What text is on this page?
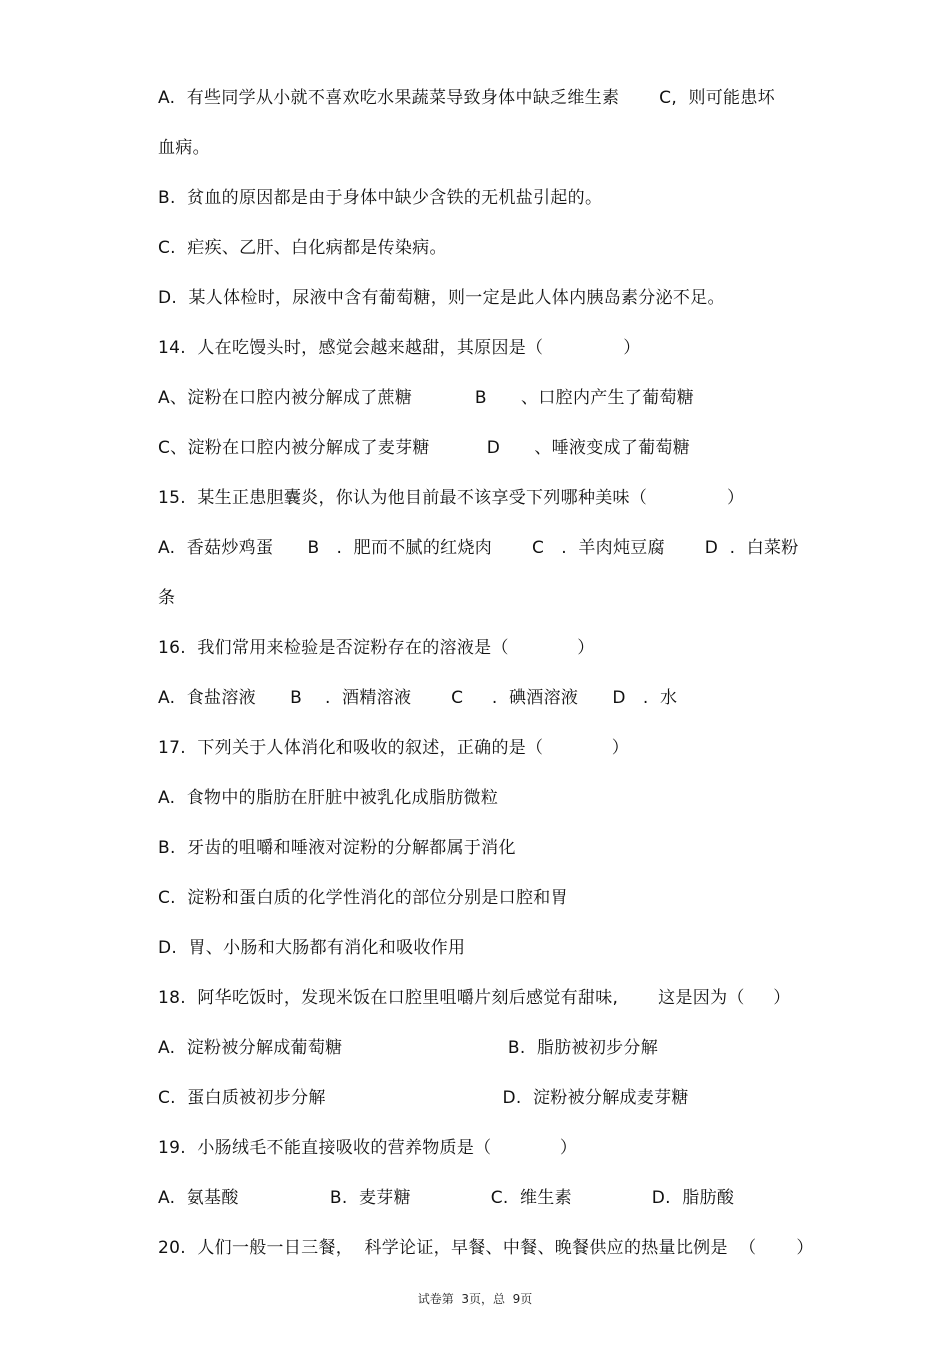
A.  有些同学从小就不喜欢吃水果蔬菜导致身体中缺乏维生素       C,  则可能患坏
血病。
B.  贫血的原因都是由于身体中缺少含铁的无机盐引起的。
C.  疟疾、乙肝、白化病都是传染病。
D.  某人体检时，尿液中含有葡萄糖，则一定是此人体内胰岛素分泌不足。
14.  人在吃馒头时，感觉会越来越甜，其原因是（              ）
A、淀粉在口腔内被分解成了蔗糖           B      、口腔内产生了葡萄糖
C、淀粉在口腔内被分解成了麦芽糖          D      、唾液变成了葡萄糖
15.  某生正患胆囊炎，你认为他目前最不该享受下列哪种美味（              ）
A.  香菇炒鸡蛋      B   .  肥而不腻的红烧肉       C   .  羊肉炖豆腐       D  .  白菜粉
条
16.  我们常用来检验是否淀粉存在的溶液是（            ）
A.  食盐溶液      B    .  酒精溶液       C     .  碘酒溶液      D   .  水
17.  下列关于人体消化和吸收的叙述，正确的是（            ）
A.  食物中的脂肪在肝脏中被乳化成脂肪微粒
B.  牙齿的咀嚼和唾液对淀粉的分解都属于消化
C.  淀粉和蛋白质的化学性消化的部位分别是口腔和胃
D.  胃、小肠和大肠都有消化和吸收作用
18.  阿华吃饭时，发现米饭在口腔里咀嚼片刻后感觉有甜味,       这是因为（     ）
A.  淀粉被分解成葡萄糖                             B.  脂肪被初步分解
C.  蛋白质被初步分解                               D.  淀粉被分解成麦芽糖
19.  小肠绒毛不能直接吸收的营养物质是（            ）
A.  氨基酸                B.  麦芽糖              C.  维生素              D.  脂肪酸
20.  人们一般一日三餐，  科学论证，早餐、中餐、晚餐供应的热量比例是  （       ）
试卷第  3页，总  9页
